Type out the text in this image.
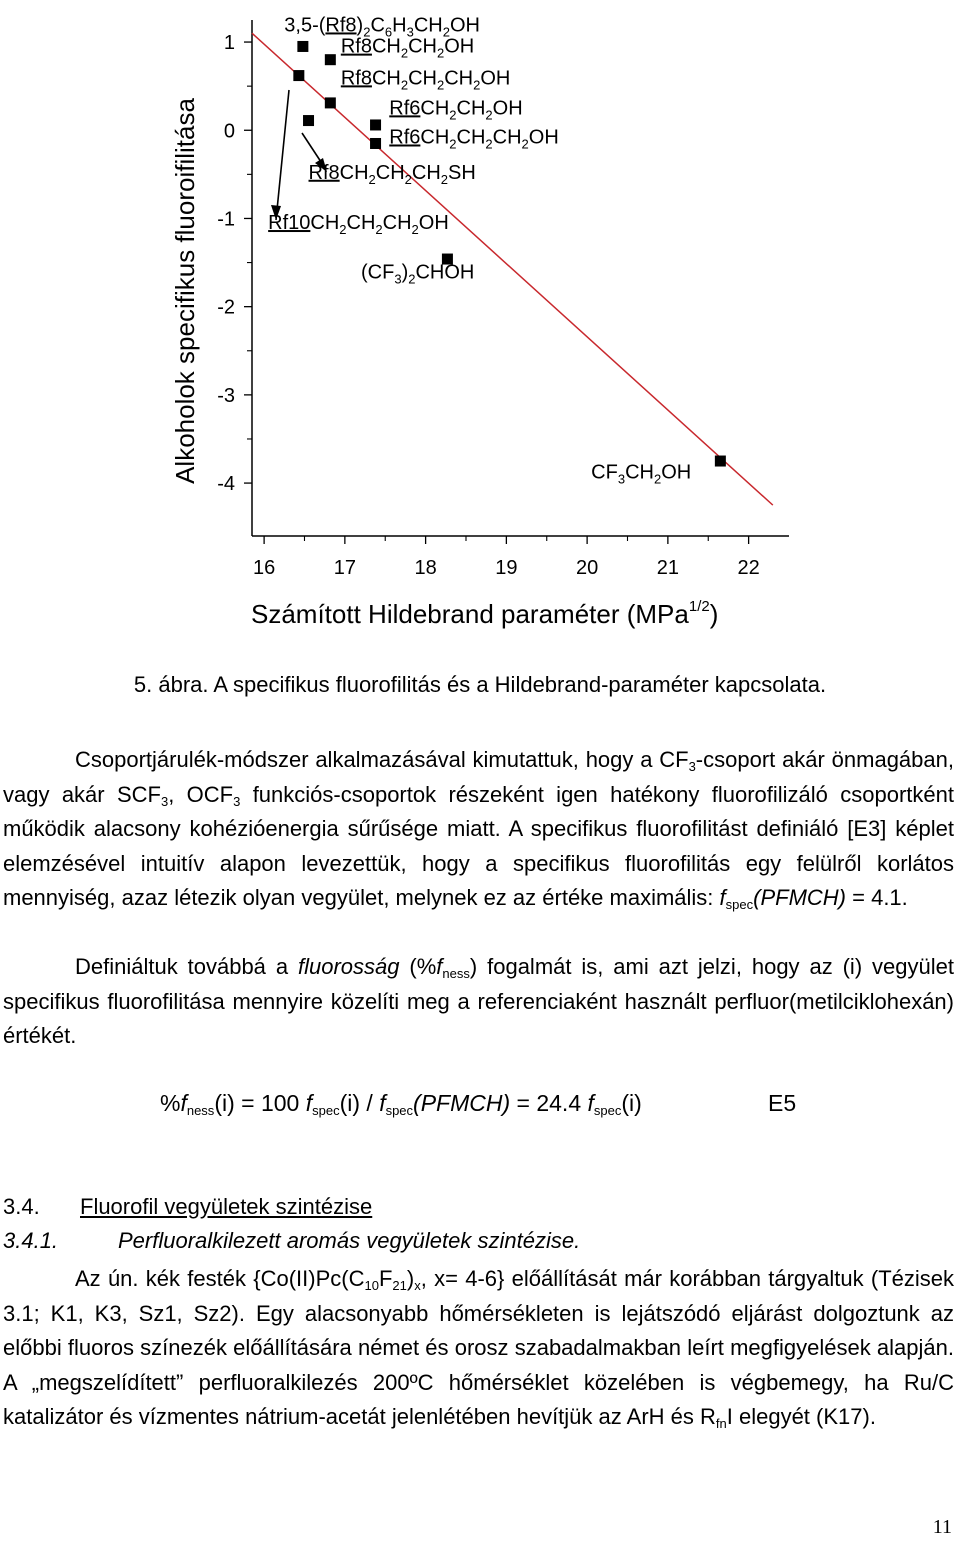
Alkoholok specifikus fluoroifilitása
16	17	18	19	20	21	22
1
0
-1
-2
-3
-4
$3,5-(Rf8)_2C_6H_3CH_2OH$
$Rf8CH_2CH_2OH$
$Rf8CH_2CH_2CH_2OH$
$Rf6CH_2CH_2OH$
$Rf6CH_2CH_2CH_2OH$
$Rf8CH_2CH_2CH_2SH$
$Rf10CH_2CH_2CH_2OH$
$(CF_3)_2CHOH$
$CF_3CH_2OH$
Számított Hildebrand paraméter (MPa$^{1/2}$)
5. ábra. A specifikus fluorofilitás és a Hildebrand-paraméter kapcsolata.
Csoportjárulék-módszer alkalmazásával kimutattuk, hogy a $CF_3$-csoport akár önmagában, vagy akár $SCF_3$, $OCF_3$ funkciós-csoportok részeként igen hatékony fluorofilizáló csoportként működik alacsony kohézióenergia sűrűsége miatt. A specifikus fluorofilitást definiáló [E3] képlet elemzésével intuitív alapon levezettük, hogy a specifikus fluorofilitás egy felülről korlátos mennyiség, azaz létezik olyan vegyület, melynek ez az értéke maximális: $f_{spec}(PFMCH) = 4.1$.
Definiáltuk továbbá a fluorosság $(\%f_{ness})$ fogalmát is, ami azt jelzi, hogy az (i) vegyület specifikus fluorofilitása mennyire közelíti meg a referenciaként használt perfluor(metilciklohexán) értékét.
$\%f_{ness}(i) = 100$ $f_{spec}(i)$ / $f_{spec}(PFMCH) = 24.4$ $f_{spec}(i)$	E5
3.4. Fluorofil vegyületek szintézise
3.4.1.	Perfluoralkilezett aromás vegyületek szintézise.
Az ún. kék festék {$Co(II)Pc(C_{10}F_{21})_x$, x= 4-6} előállítását már korábban tárgyaltuk (Tézisek 3.1; K1, K3, Sz1, Sz2). Egy alacsonyabb hőmérsékleten is lejátszódó eljárást dolgoztunk az előbbi fluoros színezék előállítására német és orosz szabadalmakban leírt megfigyelések alapján. A „megszelídített” perfluoralkilezés 200ºC hőmérséklet közelében is végbemegy, ha Ru/C katalizátor és vízmentes nátrium-acetát jelenlétében hevítjük az ArH és $R_{fn}I$ elegyét (K17).
11
